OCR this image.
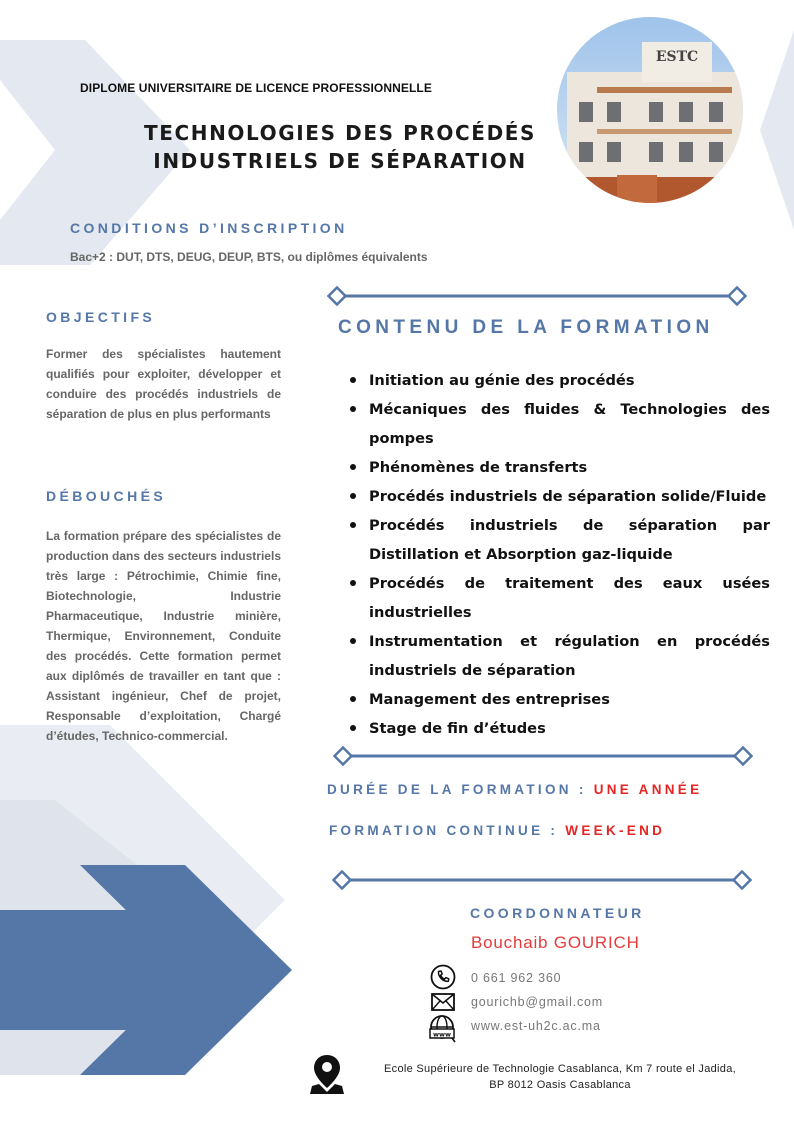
DIPLOME UNIVERSITAIRE DE LICENCE PROFESSIONNELLE
TECHNOLOGIES DES PROCÉDÉS
INDUSTRIELS DE SÉPARATION
ESTC
CONDITIONS D’INSCRIPTION
Bac+2 : DUT, DTS, DEUG, DEUP, BTS, ou diplômes équivalents
OBJECTIFS
Former des spécialistes hautement qualifiés pour exploiter, développer et conduire des procédés industriels de séparation de plus en plus performants
DÉBOUCHÉS
La formation prépare des spécialistes de production dans des secteurs industriels très large : Pétrochimie, Chimie fine, Biotechnologie, Industrie Pharmaceutique, Industrie minière, Thermique, Environnement, Conduite des procédés. Cette formation permet aux diplômés de travailler en tant que : Assistant ingénieur, Chef de projet, Responsable d’exploitation, Chargé d’études, Technico-commercial.
CONTENU DE LA FORMATION
Initiation au génie des procédés
Mécaniques des fluides & Technologies des pompes
Phénomènes de transferts
Procédés industriels de séparation solide/Fluide
Procédés industriels de séparation par Distillation et Absorption gaz-liquide
Procédés de traitement des eaux usées industrielles
Instrumentation et régulation en procédés industriels de séparation
Management des entreprises
Stage de fin d’études
DURÉE DE LA FORMATION : UNE ANNÉE
FORMATION CONTINUE : WEEK-END
COORDONNATEUR
Bouchaib GOURICH
0 661 962 360
gourichb@gmail.com
www
www.est-uh2c.ac.ma
Ecole Supérieure de Technologie Casablanca, Km 7 route el Jadida,
BP 8012 Oasis Casablanca
